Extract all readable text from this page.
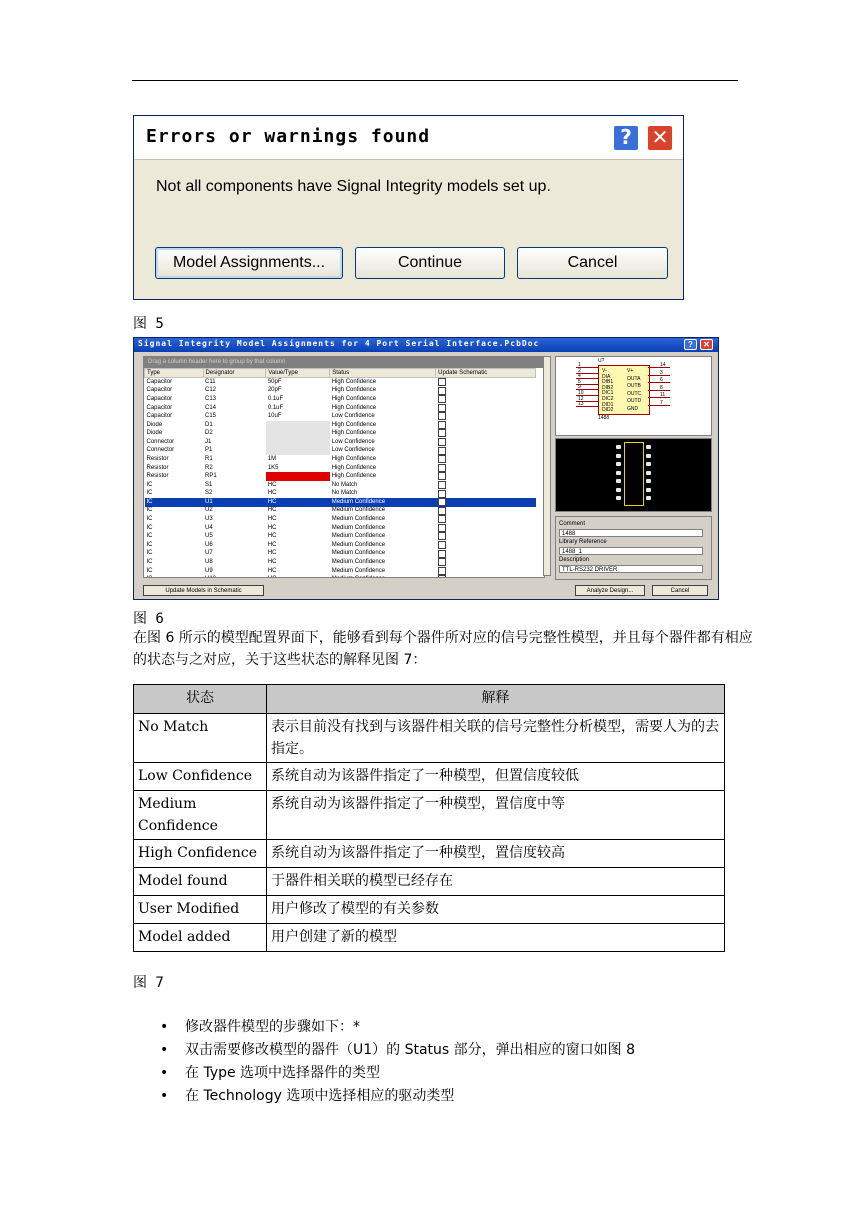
Errors or warnings found	? ✕
Not all components have Signal Integrity models set up.
Model Assignments...	Continue	Cancel
图 5
Signal Integrity Model Assignments for 4 Port Serial Interface.PcbDoc	?	✕
Drag a column header here to group by that column
Type	Designator	Value/Type	Status	Update Schematic
Capacitor	C11	50pF	High Confidence	
Capacitor	C12	20pF	High Confidence	
Capacitor	C13	0.1uF	High Confidence	
Capacitor	C14	0.1uF	High Confidence	
Capacitor	C15	10uF	Low Confidence	
Diode	D1		High Confidence	
Diode	D2		High Confidence	
Connector	J1		Low Confidence	
Connector	P1		Low Confidence	
Resistor	R1	1M	High Confidence	
Resistor	R2	1K5	High Confidence	
Resistor	RP1		High Confidence	
IC	S1	HC	No Match	
IC	S2	HC	No Match	
IC	U1	HC	Medium Confidence	
IC	U2	HC	Medium Confidence	
IC	U3	HC	Medium Confidence	
IC	U4	HC	Medium Confidence	
IC	U5	HC	Medium Confidence	
IC	U6	HC	Medium Confidence	
IC	U7	HC	Medium Confidence	
IC	U8	HC	Medium Confidence	
IC	U9	HC	Medium Confidence	

U?
V-
DIA
DIB1
DIB2
DIC1
DIC2
DID1
DID2
V+
OUTA
OUTB
OUTC
OUTD
GND
1488
1
2
4
5
9
10
12
13
14
3
6
8
11
7
Comment
1488
Library Reference
1488_1
Description
TTL-RS232 DRIVER
Update Models in Schematic	Analyze Design...	Cancel
图 6
在图 6 所示的模型配置界面下，能够看到每个器件所对应的信号完整性模型，并且每个器件都有相应的状态与之对应，关于这些状态的解释见图 7：
状态	解释
No Match	表示目前没有找到与该器件相关联的信号完整性分析模型，需要人为的去指定。
Low Confidence	系统自动为该器件指定了一种模型，但置信度较低
Medium Confidence	系统自动为该器件指定了一种模型，置信度中等
High Confidence	系统自动为该器件指定了一种模型，置信度较高
Model found	于器件相关联的模型已经存在
User Modified	用户修改了模型的有关参数
Model added	用户创建了新的模型
图 7
• 修改器件模型的步骤如下：*
• 双击需要修改模型的器件（U1）的 Status 部分，弹出相应的窗口如图 8
• 在 Type 选项中选择器件的类型
• 在 Technology 选项中选择相应的驱动类型
